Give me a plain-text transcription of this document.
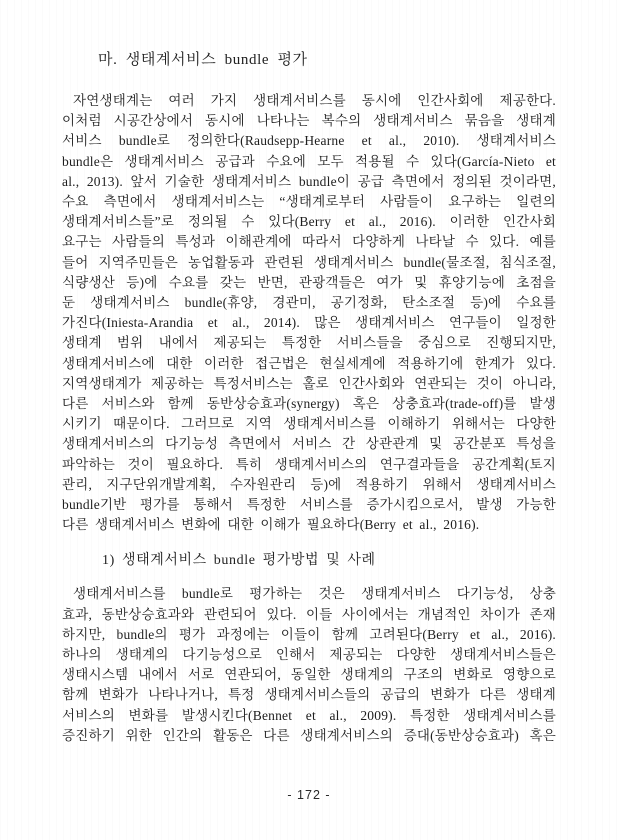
마. 생태계서비스 bundle 평가
자연생태계는 여러 가지 생태계서비스를 동시에 인간사회에 제공한다.
이처럼 시공간상에서 동시에 나타나는 복수의 생태계서비스 묶음을 생태계
서비스 bundle로 정의한다(Raudsepp-Hearne et al., 2010). 생태계서비스
bundle은 생태계서비스 공급과 수요에 모두 적용될 수 있다(García-Nieto et
al., 2013). 앞서 기술한 생태계서비스 bundle이 공급 측면에서 정의된 것이라면,
수요 측면에서 생태계서비스는 “생태계로부터 사람들이 요구하는 일련의
생태계서비스들”로 정의될 수 있다(Berry et al., 2016). 이러한 인간사회
요구는 사람들의 특성과 이해관계에 따라서 다양하게 나타날 수 있다. 예를
들어 지역주민들은 농업활동과 관련된 생태계서비스 bundle(물조절, 침식조절,
식량생산 등)에 수요를 갖는 반면, 관광객들은 여가 및 휴양기능에 초점을
둔 생태계서비스 bundle(휴양, 경관미, 공기정화, 탄소조절 등)에 수요를
가진다(Iniesta-Arandia et al., 2014). 많은 생태계서비스 연구들이 일정한
생태계 범위 내에서 제공되는 특정한 서비스들을 중심으로 진행되지만,
생태계서비스에 대한 이러한 접근법은 현실세계에 적용하기에 한계가 있다.
지역생태계가 제공하는 특정서비스는 홀로 인간사회와 연관되는 것이 아니라,
다른 서비스와 함께 동반상승효과(synergy) 혹은 상충효과(trade-off)를 발생
시키기 때문이다. 그러므로 지역 생태계서비스를 이해하기 위해서는 다양한
생태계서비스의 다기능성 측면에서 서비스 간 상관관계 및 공간분포 특성을
파악하는 것이 필요하다. 특히 생태계서비스의 연구결과들을 공간계획(토지
관리, 지구단위개발계획, 수자원관리 등)에 적용하기 위해서 생태계서비스
bundle기반 평가를 통해서 특정한 서비스를 증가시킴으로서, 발생 가능한
다른 생태계서비스 변화에 대한 이해가 필요하다(Berry et al., 2016).
1) 생태계서비스 bundle 평가방법 및 사례
생태계서비스를 bundle로 평가하는 것은 생태계서비스 다기능성, 상충
효과, 동반상승효과와 관련되어 있다. 이들 사이에서는 개념적인 차이가 존재
하지만, bundle의 평가 과정에는 이들이 함께 고려된다(Berry et al., 2016).
하나의 생태계의 다기능성으로 인해서 제공되는 다양한 생태계서비스들은
생태시스템 내에서 서로 연관되어, 동일한 생태계의 구조의 변화로 영향으로
함께 변화가 나타나거나, 특정 생태계서비스들의 공급의 변화가 다른 생태계
서비스의 변화를 발생시킨다(Bennet et al., 2009). 특정한 생태계서비스를
증진하기 위한 인간의 활동은 다른 생태계서비스의 증대(동반상승효과) 혹은
- 172 -
